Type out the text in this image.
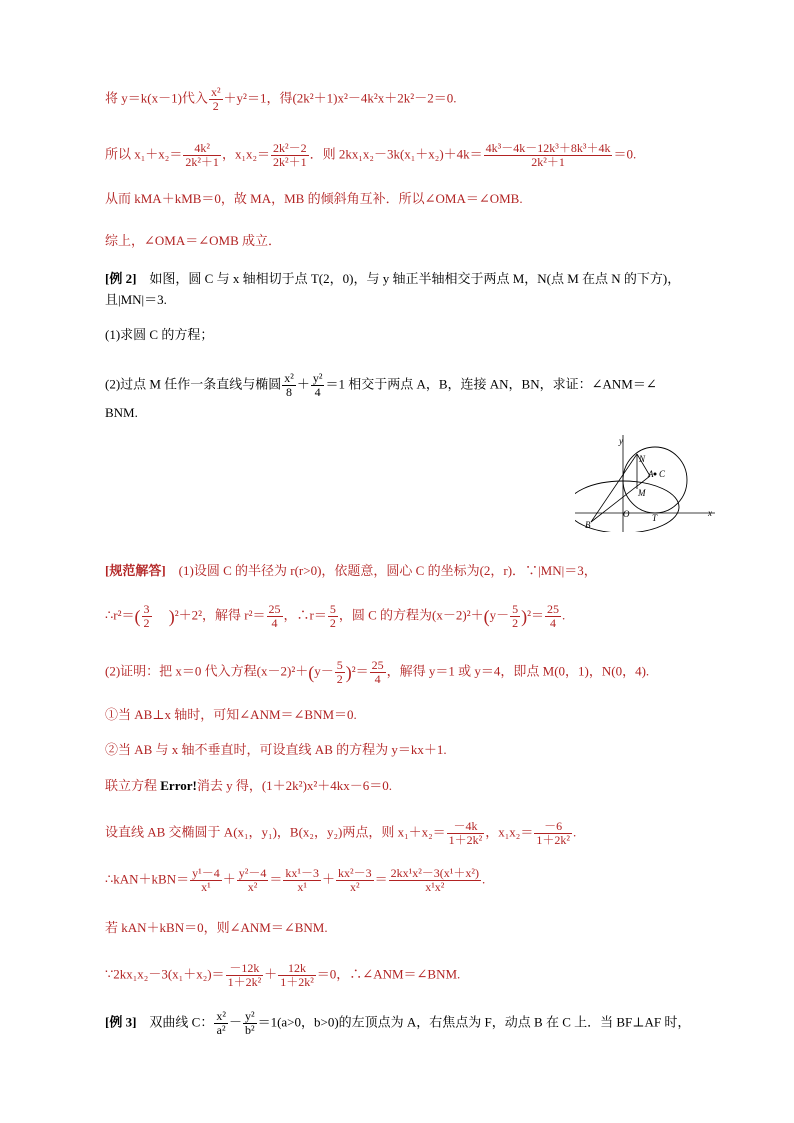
将 y＝k(x－1)代入 $\frac{\text{x²}}{2} +y^2=1$，得(2k²＋1)x²－4k²x＋2k²－2＝0.
所以 $x_1+x_2= \frac{\text{4k²}}{\text{2k²＋1}}$ ，$x_1x_2= \frac{\text{2k²－2}}{\text{2k²＋1}}$ ．则 $2kx_1x_2-3k(x_1+x_2)+4k= \frac{\text{4k³－4k－12k³＋8k³＋4k}}{\text{2k²＋1}} =0$.
从而 kMA＋kMB＝0，故 MA，MB 的倾斜角互补．所以∠OMA＝∠OMB.
综上，∠OMA＝∠OMB 成立．
[例 2]　如图，圆 C 与 x 轴相切于点 T(2，0)，与 y 轴正半轴相交于两点 M，N(点 M 在点 N 的下方)，
且|MN|＝3.
(1)求圆 C 的方程；
(2)过点 M 任作一条直线与椭圆 $\frac{\text{x²}}{8} + \frac{\text{y²}}{4} =1$ 相交于两点 A，B，连接 AN，BN，求证：∠ANM＝∠
BNM.
y
x
N
A C
M
O	T
B
[规范解答]　(1)设圆 C 的半径为 r(r>0)，依题意，圆心 C 的坐标为(2，r)．∵|MN|＝3，
∴r²＝( $\frac{3}{2} )^2+2^2$，解得 $r^2= \frac{25}{4}$ ，∴r＝ $\frac{5}{2}$ ，圆 C 的方程为$(x-2)^2+(y- \frac{5}{2} )^2= \frac{25}{4}$ .
(2)证明：把 x＝0 代入方程$(x-2)^2+(y- \frac{5}{2} )^2= \frac{25}{4}$ ，解得 y＝1 或 y＝4，即点 M(0，1)，N(0，4).
①当 AB⊥x 轴时，可知∠ANM＝∠BNM＝0.
②当 AB 与 x 轴不垂直时，可设直线 AB 的方程为 y＝kx＋1.
联立方程 Error!消去 y 得，(1＋2k²)x²＋4kx－6＝0.
设直线 AB 交椭圆于 A(x₁，y₁)，B(x₂，y₂)两点，则 $x_1+x_2= \frac{-4k}{\text{1＋2k²}}$ ，$x_1x_2= \frac{-6}{\text{1＋2k²}}$ .
∴kAN＋kBN＝ $\frac{\text{y¹－4}}{\text{x¹}} + \frac{\text{y²－4}}{\text{x²}} = \frac{\text{kx¹－3}}{\text{x¹}} + \frac{\text{kx²－3}}{\text{x²}} = \frac{\text{2kx¹x²－3(x¹＋x²)}}{\text{x¹x²}}$ .
若 kAN＋kBN＝0，则∠ANM＝∠BNM.
∵2kx₁x₂－3(x₁＋x₂)＝ $\frac{-12k}{\text{1＋2k²}} + \frac{12k}{\text{1＋2k²}} =0$，∴∠ANM＝∠BNM.
[例 3]　双曲线 C： $\frac{\text{x²}}{\text{a²}} - \frac{\text{y²}}{\text{b²}} =1(a>0$，b>0)的左顶点为 A，右焦点为 F，动点 B 在 C 上．当 BF⊥AF 时，
